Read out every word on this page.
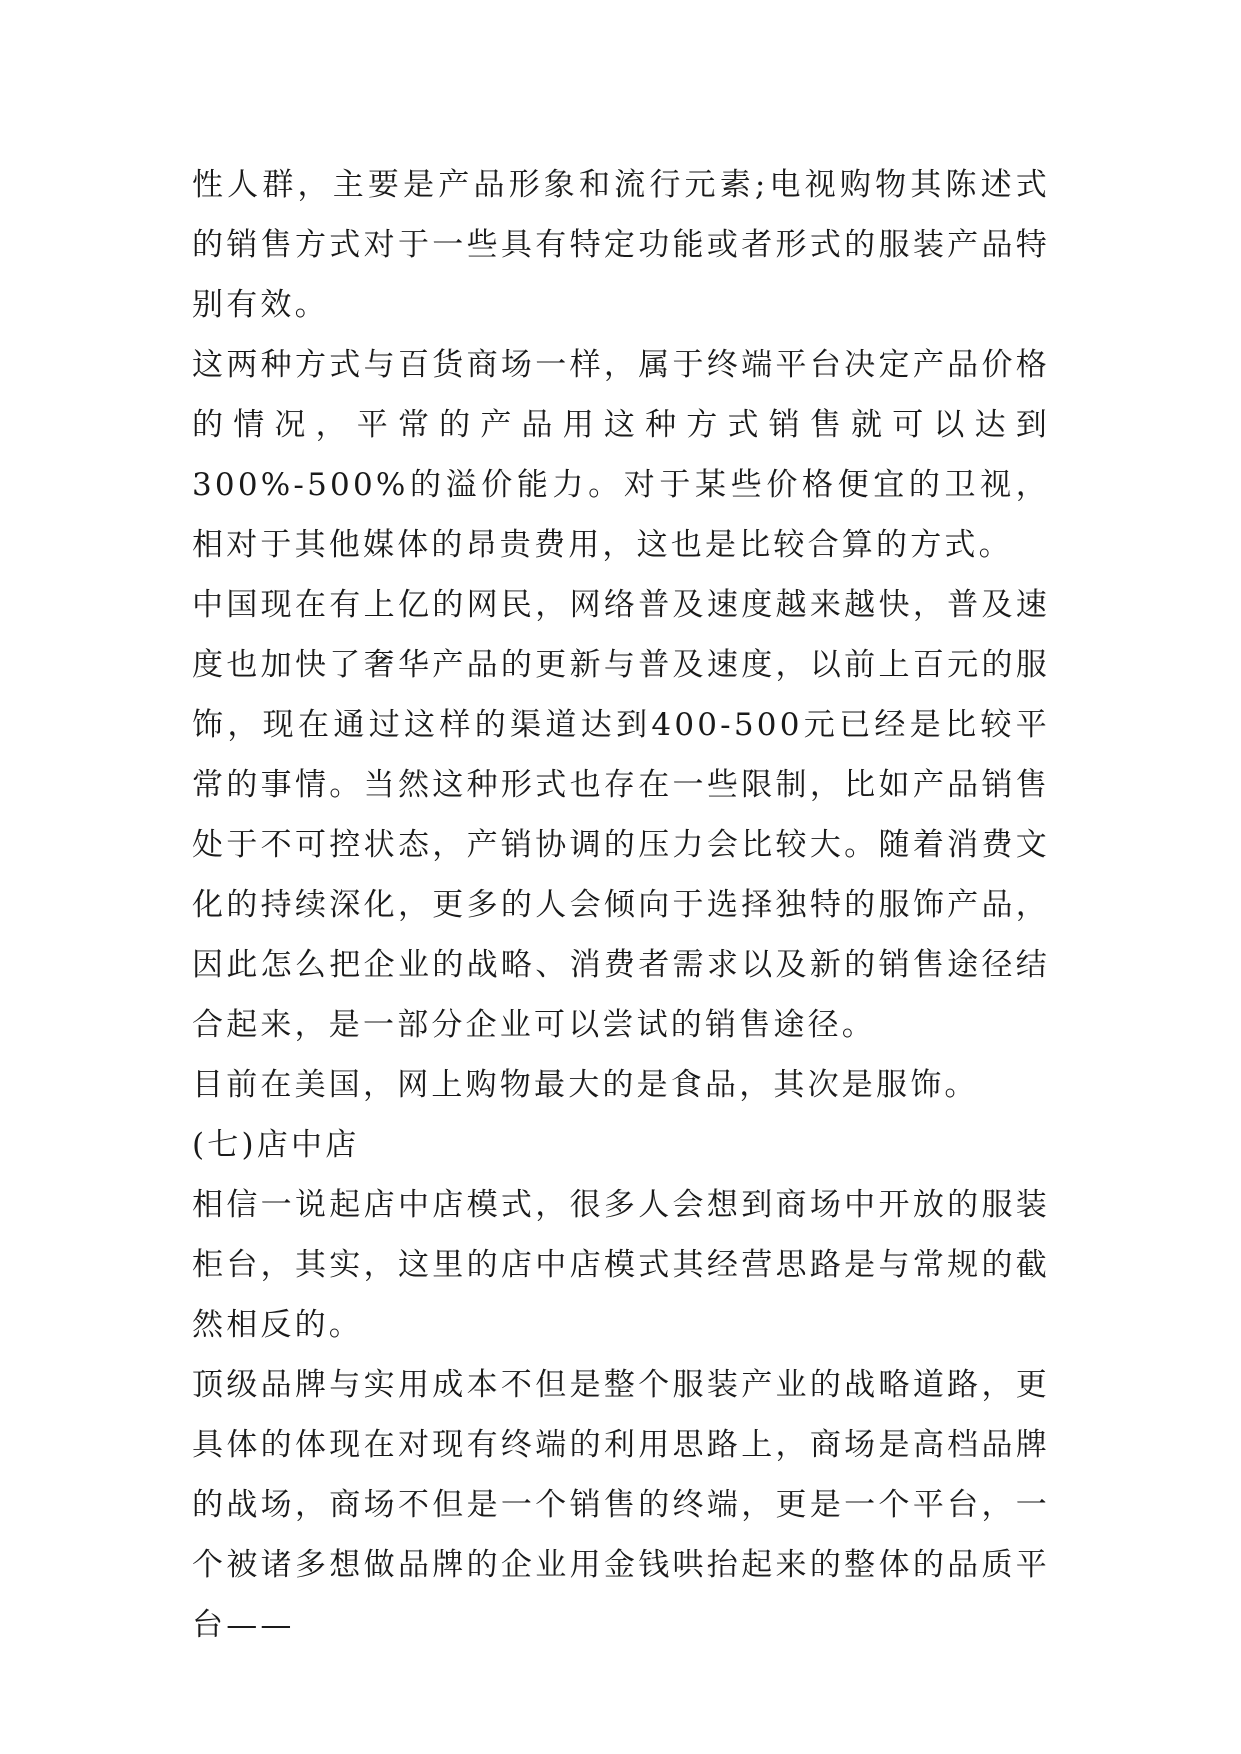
性人群，主要是产品形象和流行元素;电视购物其陈述式的销售方式对于一些具有特定功能或者形式的服装产品特别有效。

这两种方式与百货商场一样，属于终端平台决定产品价格的情况，平常的产品用这种方式销售就可以达到300%-500%的溢价能力。对于某些价格便宜的卫视，相对于其他媒体的昂贵费用，这也是比较合算的方式。

中国现在有上亿的网民，网络普及速度越来越快，普及速度也加快了奢华产品的更新与普及速度，以前上百元的服饰，现在通过这样的渠道达到400-500元已经是比较平常的事情。当然这种形式也存在一些限制，比如产品销售处于不可控状态，产销协调的压力会比较大。随着消费文化的持续深化，更多的人会倾向于选择独特的服饰产品，因此怎么把企业的战略、消费者需求以及新的销售途径结合起来，是一部分企业可以尝试的销售途径。

目前在美国，网上购物最大的是食品，其次是服饰。

(七)店中店

相信一说起店中店模式，很多人会想到商场中开放的服装柜台，其实，这里的店中店模式其经营思路是与常规的截然相反的。

顶级品牌与实用成本不但是整个服装产业的战略道路，更具体的体现在对现有终端的利用思路上，商场是高档品牌的战场，商场不但是一个销售的终端，更是一个平台，一个被诸多想做品牌的企业用金钱哄抬起来的整体的品质平台——
